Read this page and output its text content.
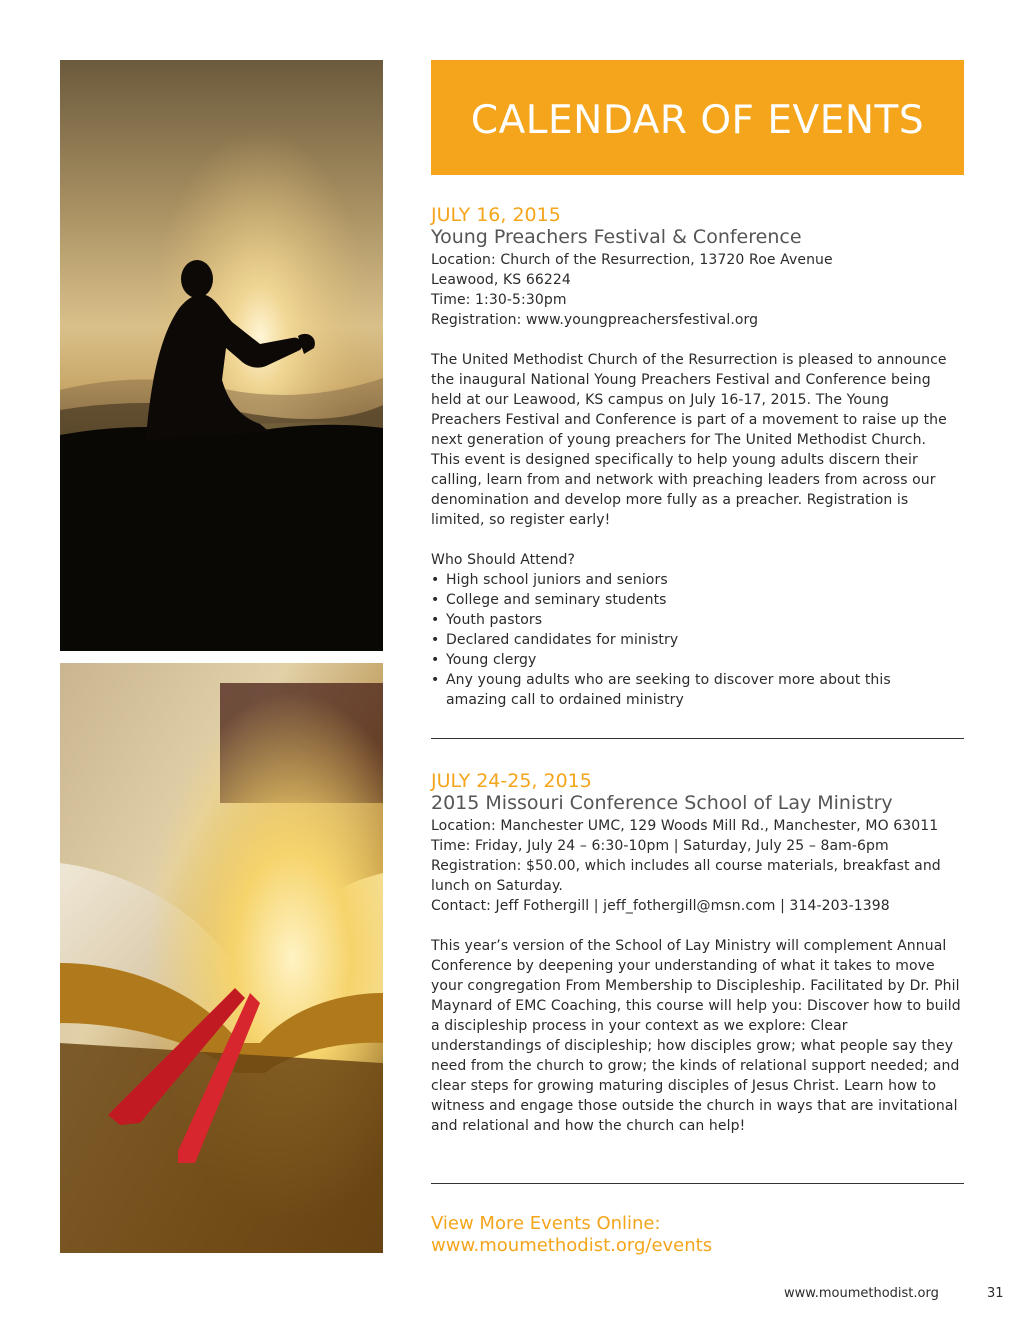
CALENDAR OF EVENTS

JULY 16, 2015

Young Preachers Festival & Conference

Location: Church of the Resurrection, 13720 Roe Avenue

Leawood, KS 66224

Time: 1:30-5:30pm

Registration: www.youngpreachersfestival.org

The United Methodist Church of the Resurrection is pleased to announce the inaugural National Young Preachers Festival and Conference being held at our Leawood, KS campus on July 16-17, 2015. The Young Preachers Festival and Conference is part of a movement to raise up the next generation of young preachers for The United Methodist Church. This event is designed specifically to help young adults discern their calling, learn from and network with preaching leaders from across our denomination and develop more fully as a preacher. Registration is limited, so register early!

Who Should Attend?

• High school juniors and seniors
• College and seminary students
• Youth pastors
• Declared candidates for ministry
• Young clergy
• Any young adults who are seeking to discover more about this amazing call to ordained ministry

JULY 24-25, 2015

2015 Missouri Conference School of Lay Ministry

Location: Manchester UMC, 129 Woods Mill Rd., Manchester, MO 63011

Time: Friday, July 24 – 6:30-10pm | Saturday, July 25 – 8am-6pm

Registration: $50.00, which includes all course materials, breakfast and lunch on Saturday.

Contact: Jeff Fothergill | jeff_fothergill@msn.com | 314-203-1398

This year’s version of the School of Lay Ministry will complement Annual Conference by deepening your understanding of what it takes to move your congregation From Membership to Discipleship. Facilitated by Dr. Phil Maynard of EMC Coaching, this course will help you: Discover how to build a discipleship process in your context as we explore: Clear understandings of discipleship; how disciples grow; what people say they need from the church to grow; the kinds of relational support needed; and clear steps for growing maturing disciples of Jesus Christ. Learn how to witness and engage those outside the church in ways that are invitational and relational and how the church can help!

View More Events Online:
www.moumethodist.org/events
www.moumethodist.org	31
